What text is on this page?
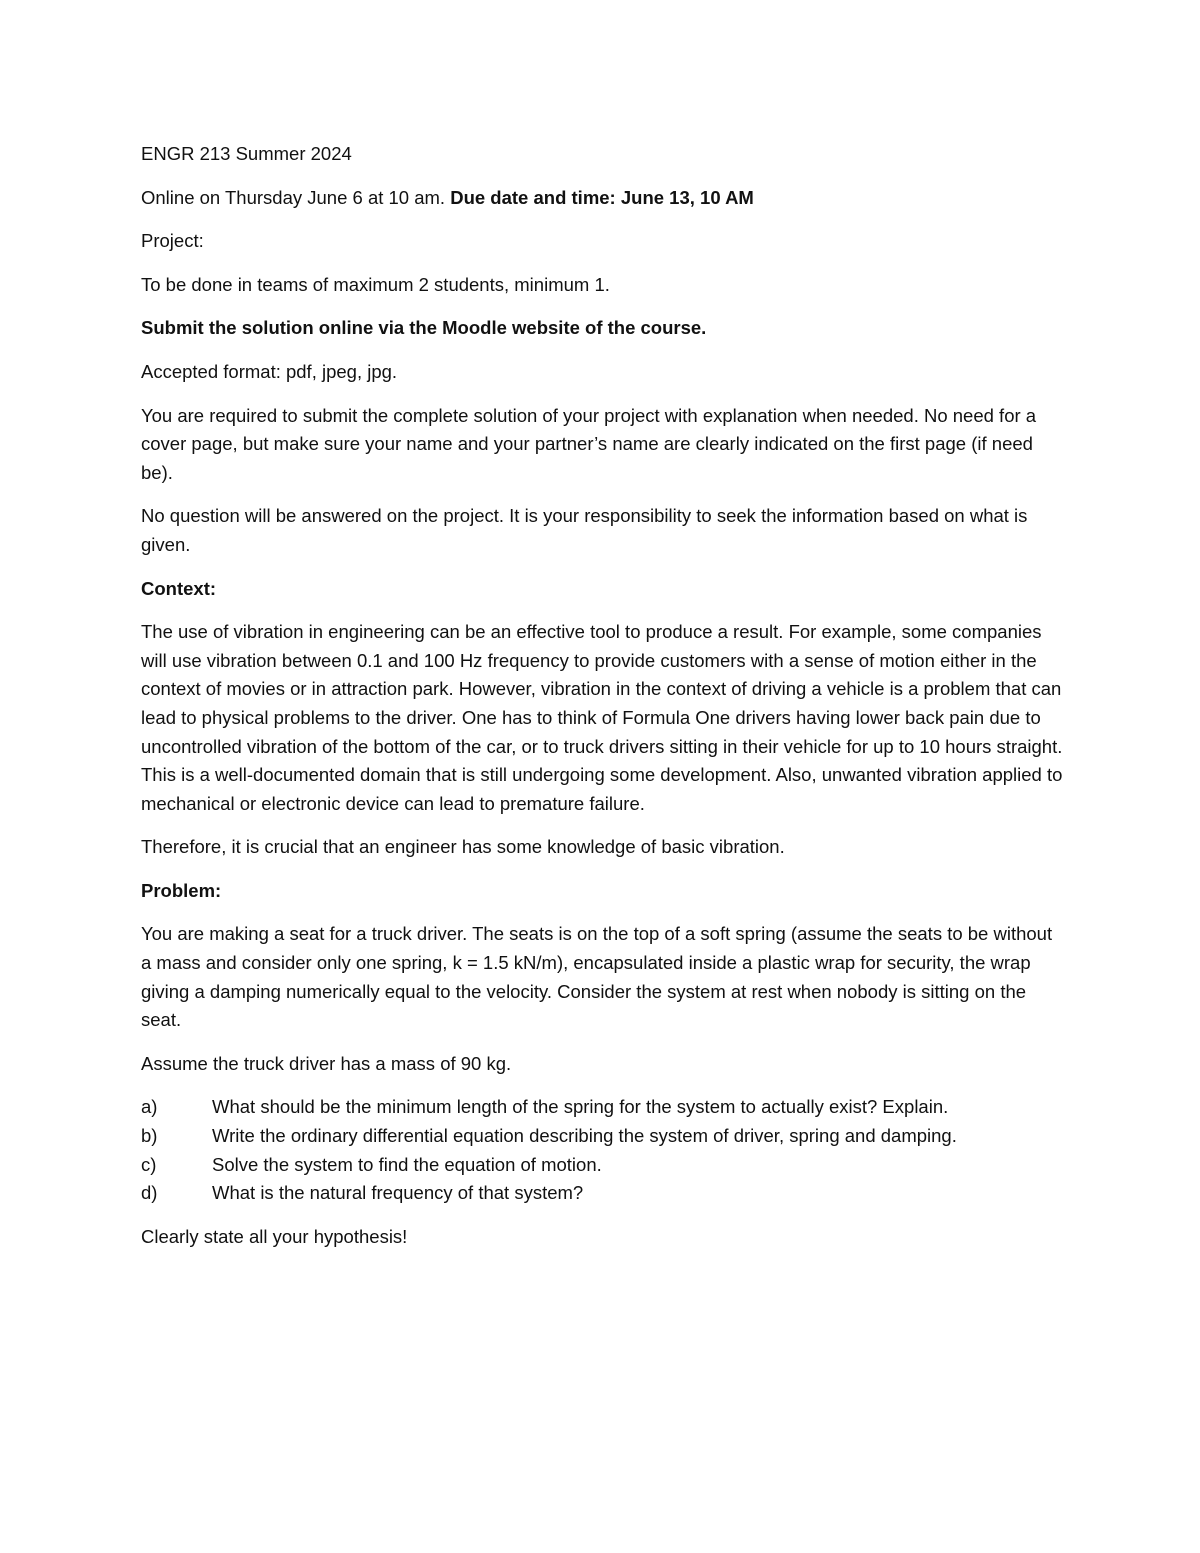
ENGR 213 Summer 2024

Online on Thursday June 6 at 10 am. Due date and time: June 13, 10 AM

Project:

To be done in teams of maximum 2 students, minimum 1.

Submit the solution online via the Moodle website of the course.

Accepted format: pdf, jpeg, jpg.

You are required to submit the complete solution of your project with explanation when needed. No need for a cover page, but make sure your name and your partner’s name are clearly indicated on the first page (if need be).

No question will be answered on the project. It is your responsibility to seek the information based on what is given.

Context:

The use of vibration in engineering can be an effective tool to produce a result. For example, some companies will use vibration between 0.1 and 100 Hz frequency to provide customers with a sense of motion either in the context of movies or in attraction park. However, vibration in the context of driving a vehicle is a problem that can lead to physical problems to the driver. One has to think of Formula One drivers having lower back pain due to uncontrolled vibration of the bottom of the car, or to truck drivers sitting in their vehicle for up to 10 hours straight. This is a well-documented domain that is still undergoing some development. Also, unwanted vibration applied to mechanical or electronic device can lead to premature failure.

Therefore, it is crucial that an engineer has some knowledge of basic vibration.

Problem:

You are making a seat for a truck driver. The seats is on the top of a soft spring (assume the seats to be without a mass and consider only one spring, k = 1.5 kN/m), encapsulated inside a plastic wrap for security, the wrap giving a damping numerically equal to the velocity. Consider the system at rest when nobody is sitting on the seat.

Assume the truck driver has a mass of 90 kg.

a)	What should be the minimum length of the spring for the system to actually exist? Explain.
b)	Write the ordinary differential equation describing the system of driver, spring and damping.
c)	Solve the system to find the equation of motion.
d)	What is the natural frequency of that system?

Clearly state all your hypothesis!
